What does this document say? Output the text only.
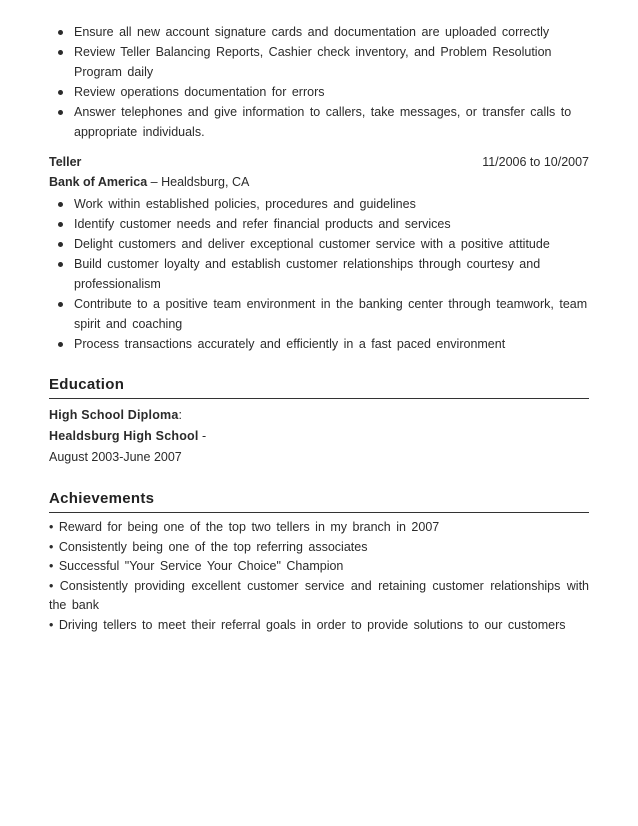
Ensure all new account signature cards and documentation are uploaded correctly
Review Teller Balancing Reports, Cashier check inventory, and Problem Resolution Program daily
Review operations documentation for errors
Answer telephones and give information to callers, take messages, or transfer calls to appropriate individuals.
Teller	11/2006 to 10/2007
Bank of America – Healdsburg, CA
Work within established policies, procedures and guidelines
Identify customer needs and refer financial products and services
Delight customers and deliver exceptional customer service with a positive attitude
Build customer loyalty and establish customer relationships through courtesy and professionalism
Contribute to a positive team environment in the banking center through teamwork, team spirit and coaching
Process transactions accurately and efficiently in a fast paced environment
Education
High School Diploma:
Healdsburg High School -
August 2003-June 2007
Achievements
• Reward for being one of the top two tellers in my branch in 2007
• Consistently being one of the top referring associates
• Successful "Your Service Your Choice" Champion
• Consistently providing excellent customer service and retaining customer relationships with the bank
• Driving tellers to meet their referral goals in order to provide solutions to our customers
